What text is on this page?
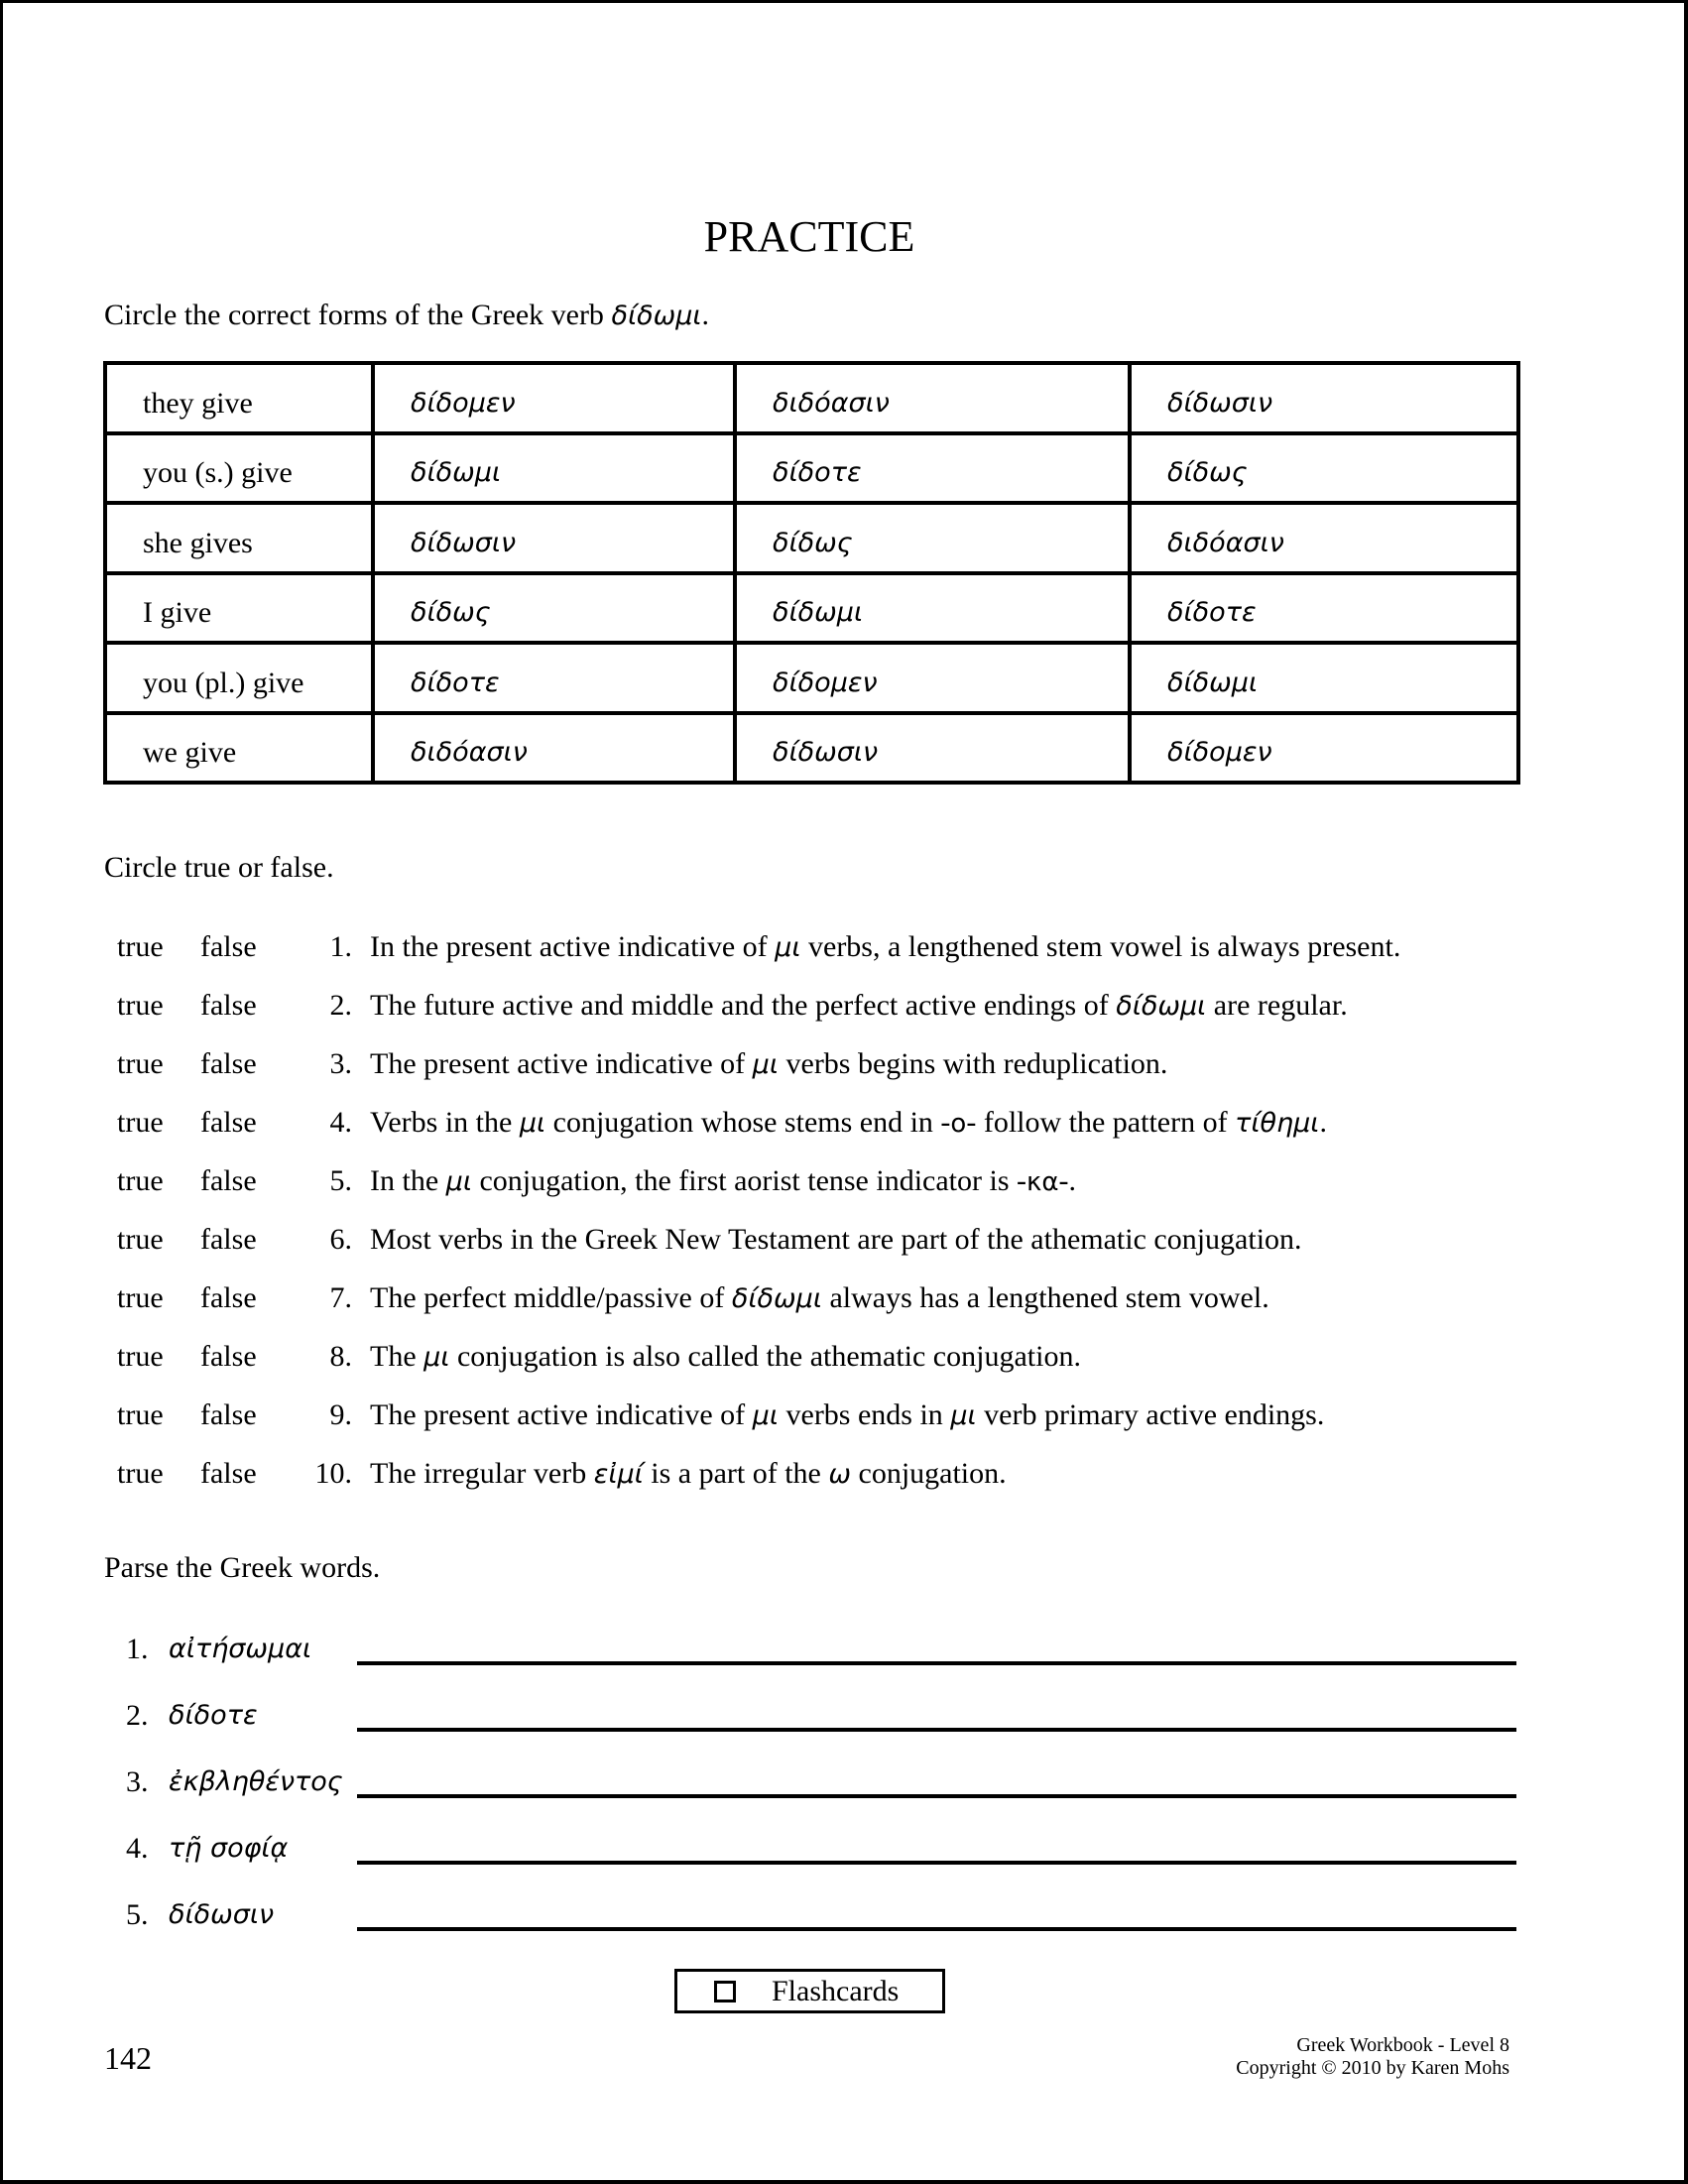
PRACTICE
Circle the correct forms of the Greek verb δίδωμι.
they give	δίδομεν	διδόασιν	δίδωσιν
you (s.) give	δίδωμι	δίδοτε	δίδως
she gives	δίδωσιν	δίδως	διδόασιν
I give	δίδως	δίδωμι	δίδοτε
you (pl.) give	δίδοτε	δίδομεν	δίδωμι
we give	διδόασιν	δίδωσιν	δίδομεν
Circle true or false.
true false	1. In the present active indicative of μι verbs, a lengthened stem vowel is always present.
true false	2. The future active and middle and the perfect active endings of δίδωμι are regular.
true false	3. The present active indicative of μι verbs begins with reduplication.
true false	4. Verbs in the μι conjugation whose stems end in -ο- follow the pattern of τίθημι.
true false	5. In the μι conjugation, the first aorist tense indicator is -κα-.
true false	6. Most verbs in the Greek New Testament are part of the athematic conjugation.
true false	7. The perfect middle/passive of δίδωμι always has a lengthened stem vowel.
true false	8. The μι conjugation is also called the athematic conjugation.
true false	9. The present active indicative of μι verbs ends in μι verb primary active endings.
true false	10. The irregular verb εἰμί is a part of the ω conjugation.
Parse the Greek words.
1. αἰτήσωμαι
2. δίδοτε
3. ἐκβληθέντος
4. τῇ σοφίᾳ
5. δίδωσιν
Flashcards
142	Greek Workbook - Level 8
Copyright © 2010 by Karen Mohs
